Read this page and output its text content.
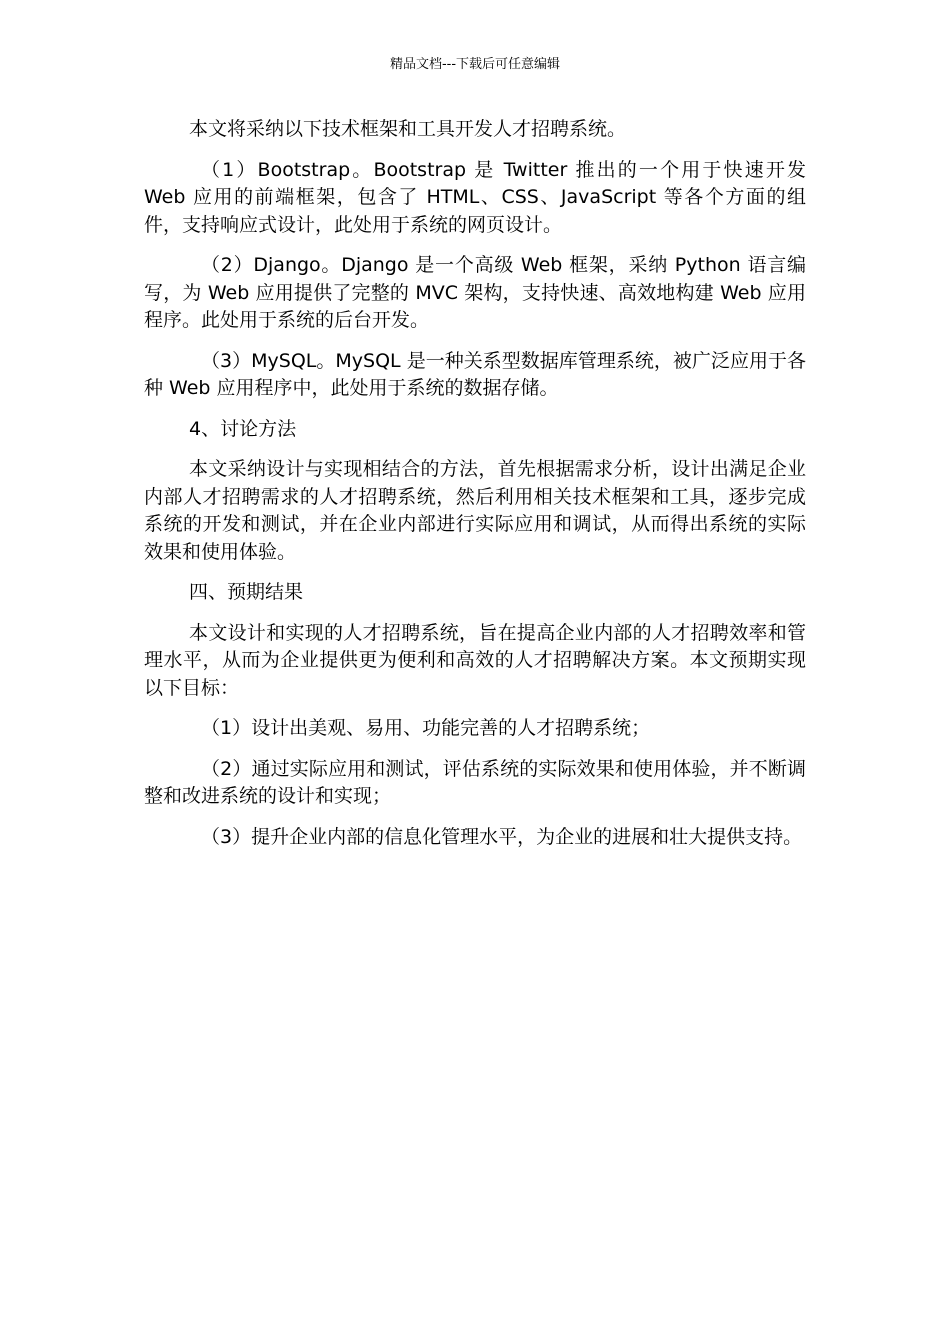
精品文档---下载后可任意编辑

本文将采纳以下技术框架和工具开发人才招聘系统。

（1）Bootstrap。Bootstrap 是 Twitter 推出的一个用于快速开发 Web 应用的前端框架，包含了 HTML、CSS、JavaScript 等各个方面的组件，支持响应式设计，此处用于系统的网页设计。

（2）Django。Django 是一个高级 Web 框架，采纳 Python 语言编写，为 Web 应用提供了完整的 MVC 架构，支持快速、高效地构建 Web 应用程序。此处用于系统的后台开发。

（3）MySQL。MySQL 是一种关系型数据库管理系统，被广泛应用于各种 Web 应用程序中，此处用于系统的数据存储。

4、讨论方法

本文采纳设计与实现相结合的方法，首先根据需求分析，设计出满足企业内部人才招聘需求的人才招聘系统，然后利用相关技术框架和工具，逐步完成系统的开发和测试，并在企业内部进行实际应用和调试，从而得出系统的实际效果和使用体验。

四、预期结果

本文设计和实现的人才招聘系统，旨在提高企业内部的人才招聘效率和管理水平，从而为企业提供更为便利和高效的人才招聘解决方案。本文预期实现以下目标：

（1）设计出美观、易用、功能完善的人才招聘系统；

（2）通过实际应用和测试，评估系统的实际效果和使用体验，并不断调整和改进系统的设计和实现；

（3）提升企业内部的信息化管理水平，为企业的进展和壮大提供支持。
